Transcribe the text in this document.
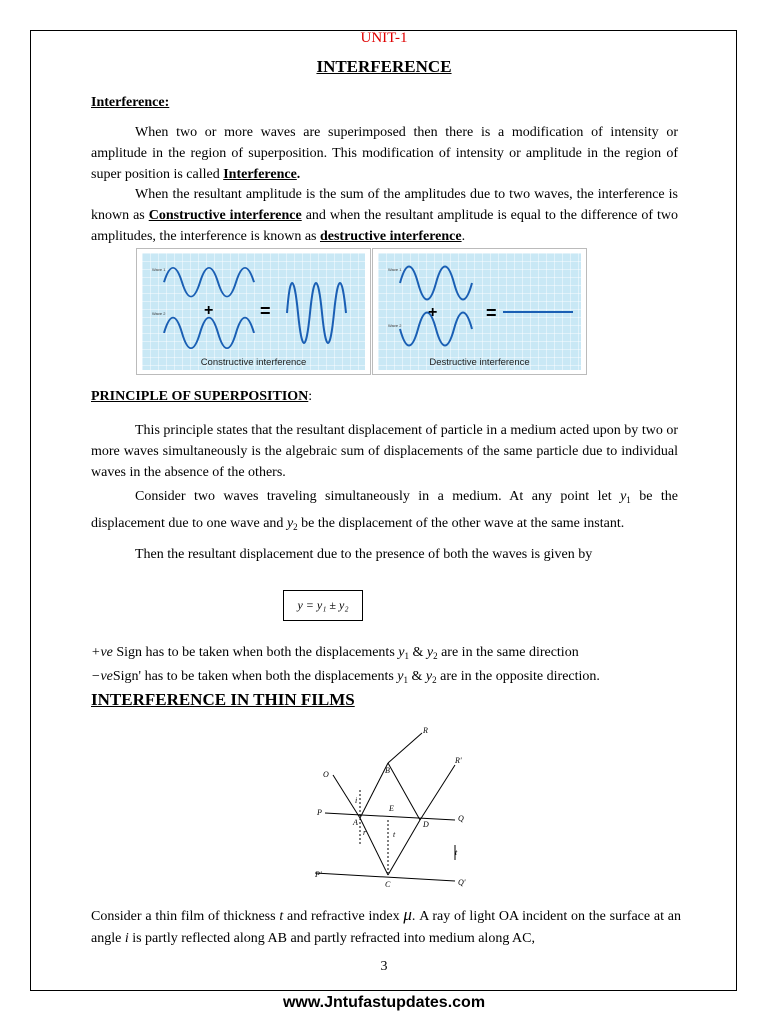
UNIT-1
INTERFERENCE
Interference:
When two or more waves are superimposed then there is a modification of intensity or amplitude in the region of superposition. This modification of intensity or amplitude in the region of super position is called Interference.
When the resultant amplitude is the sum of the amplitudes due to two waves, the interference is known as Constructive interference and when the resultant amplitude is equal to the difference of two amplitudes, the interference is known as destructive interference.
Wave 1
Wave 2 +	=
Constructive interference
Wave 1
Wave 2
+	=
Destructive interference
PRINCIPLE OF SUPERPOSITION:
This principle states that the resultant displacement of particle in a medium acted upon by two or more waves simultaneously is the algebraic sum of displacements of the same particle due to individual waves in the absence of the others.
Consider two waves traveling simultaneously in a medium. At any point let $y_1$ be the displacement due to one wave and $y_2$ be the displacement of the other wave at the same instant.
Then the resultant displacement due to the presence of both the waves is given by
y = y₁ ± y₂
+ve Sign has to be taken when both the displacements $y_1$ & $y_2$ are in the same direction
−veSign' has to be taken when both the displacements $y_1$ & $y_2$ are in the opposite direction.
INTERFERENCE IN THIN FILMS
R
R'
O	B
E
P
A	D
Q
t
t
P'
C	Q'
i
r
Consider a thin film of thickness t and refractive index μ. A ray of light OA incident on the surface at an angle i is partly reflected along AB and partly refracted into medium along AC,
3
www.Jntufastupdates.com
